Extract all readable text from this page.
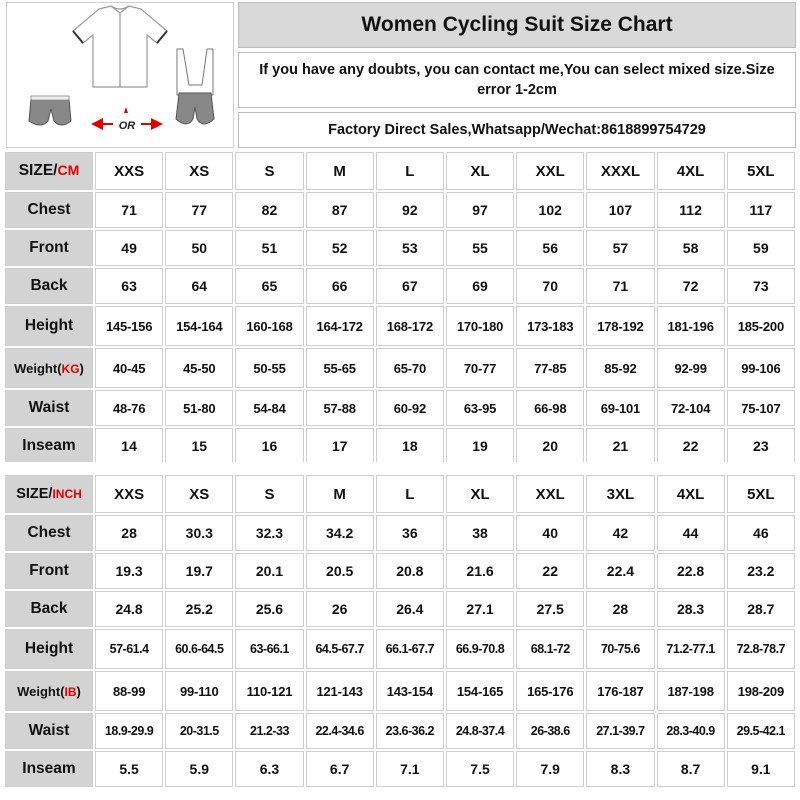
OR
Women Cycling Suit Size Chart
If you have any doubts, you can contact me,You can select mixed size.Size error 1-2cm
Factory Direct Sales,Whatsapp/Wechat:8618899754729
SIZE/CM	XXS	XS	S	M	L	XL	XXL	XXXL	4XL	5XL
Chest	71	77	82	87	92	97	102	107	112	117
Front	49	50	51	52	53	55	56	57	58	59
Back	63	64	65	66	67	69	70	71	72	73
Height	145-156	154-164	160-168	164-172	168-172	170-180	173-183	178-192	181-196	185-200
Weight(KG)	40-45	45-50	50-55	55-65	65-70	70-77	77-85	85-92	92-99	99-106
Waist	48-76	51-80	54-84	57-88	60-92	63-95	66-98	69-101	72-104	75-107
Inseam	14	15	16	17	18	19	20	21	22	23
SIZE/INCH	XXS	XS	S	M	L	XL	XXL	3XL	4XL	5XL
Chest	28	30.3	32.3	34.2	36	38	40	42	44	46
Front	19.3	19.7	20.1	20.5	20.8	21.6	22	22.4	22.8	23.2
Back	24.8	25.2	25.6	26	26.4	27.1	27.5	28	28.3	28.7
Height	57-61.4	60.6-64.5	63-66.1	64.5-67.7	66.1-67.7	66.9-70.8	68.1-72	70-75.6	71.2-77.1	72.8-78.7
Weight(IB)	88-99	99-110	110-121	121-143	143-154	154-165	165-176	176-187	187-198	198-209
Waist	18.9-29.9	20-31.5	21.2-33	22.4-34.6	23.6-36.2	24.8-37.4	26-38.6	27.1-39.7	28.3-40.9	29.5-42.1
Inseam	5.5	5.9	6.3	6.7	7.1	7.5	7.9	8.3	8.7	9.1
